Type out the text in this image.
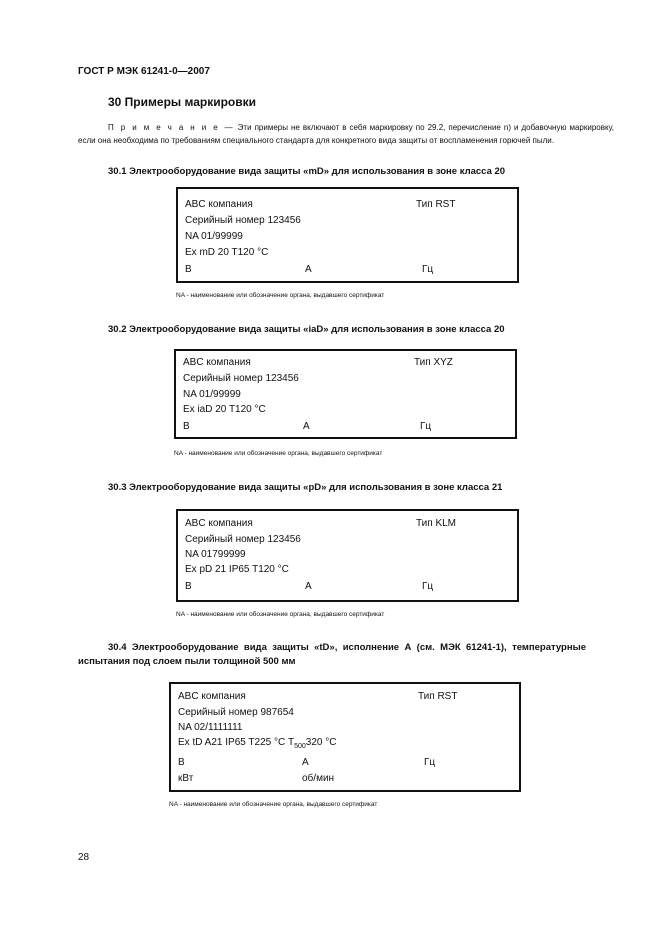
ГОСТ Р МЭК 61241-0—2007
30 Примеры маркировки
П р и м е ч а н и е — Эти примеры не включают в себя маркировку по 29.2, перечисление n) и добавочную маркировку, если она необходима по требованиям специального стандарта для конкретного вида защиты от воспламенения горючей пыли.
30.1 Электрооборудование вида защиты «mD» для использования в зоне класса 20
ABC компания	Тип RST
Серийный номер 123456
NA 01/99999
Ex mD 20 T120 °С
В	А	Гц
NA - наименование или обозначение органа, выдавшего сертификат
30.2 Электрооборудование вида защиты «iaD» для использования в зоне класса 20
ABC компания	Тип XYZ
Серийный номер 123456
NA 01/99999
Ex iaD 20 T120 °С
В	А	Гц
NA - наименование или обозначение органа, выдавшего сертификат
30.3 Электрооборудование вида защиты «pD» для использования в зоне класса 21
ABC компания	Тип KLM
Серийный номер 123456
NA 01799999
Ex pD 21 IP65 T120 °С
В	А	Гц
NA - наименование или обозначение органа, выдавшего сертификат
30.4 Электрооборудование вида защиты «tD», исполнение А (см. МЭК 61241-1), температурные испытания под слоем пыли толщиной 500 мм
ABC компания	Тип RST
Серийный номер 987654
NA 02/1111111
Ex tD A21 IP65 T225 °С $T_{500}320$ °С
В	А	Гц
кВт	об/мин
NA - наименование или обозначение органа, выдавшего сертификат
28
